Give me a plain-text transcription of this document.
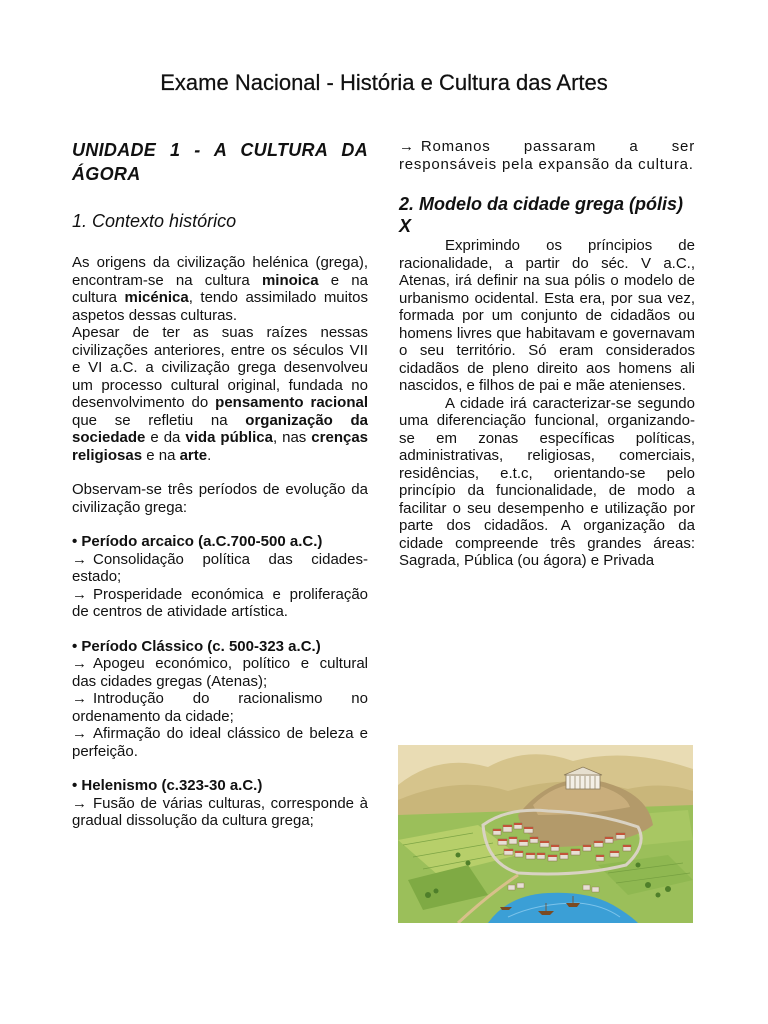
Exame Nacional - História e Cultura das Artes
UNIDADE 1 - A CULTURA DA ÁGORA
1. Contexto histórico

As origens da civilização helénica (grega), encontram-se na cultura minoica e na cultura micénica, tendo assimilado muitos aspetos dessas culturas.

Apesar de ter as suas raízes nessas civilizações anteriores, entre os séculos VII e VI a.C. a civilização grega desenvolveu um processo cultural original, fundada no desenvolvimento do pensamento racional que se refletiu na organização da sociedade e da vida pública, nas crenças religiosas e na arte.

Observam-se três períodos de evolução da civilização grega:

• Período arcaico (a.C.700-500 a.C.)

→ Consolidação política das cidades-estado;

→ Prosperidade económica e proliferação de centros de atividade artística.

• Período Clássico (c. 500-323 a.C.)

→ Apogeu económico, político e cultural das cidades gregas (Atenas);

→ Introdução do racionalismo no ordenamento da cidade;

→ Afirmação do ideal clássico de beleza e perfeição.

• Helenismo (c.323-30 a.C.)

→ Fusão de várias culturas, corresponde à gradual dissolução da cultura grega;

→ Romanos passaram a ser responsáveis pela expansão da cultura.

2. Modelo da cidade grega (pólis)
X

Exprimindo os príncipios de racionalidade, a partir do séc. V a.C., Atenas, irá definir na sua pólis o modelo de urbanismo ocidental. Esta era, por sua vez, formada por um conjunto de cidadãos ou homens livres que habitavam e governavam o seu território. Só eram considerados cidadãos de pleno direito aos homens ali nascidos, e filhos de pai e mãe atenienses.

A cidade irá caracterizar-se segundo uma diferenciação funcional, organizando-se em zonas específicas políticas, administrativas, religiosas, comerciais, residências, e.t.c, orientando-se pelo princípio da funcionalidade, de modo a facilitar o seu desempenho e utilização por parte dos cidadãos. A organização da cidade compreende três grandes áreas: Sagrada, Pública (ou ágora) e Privada
